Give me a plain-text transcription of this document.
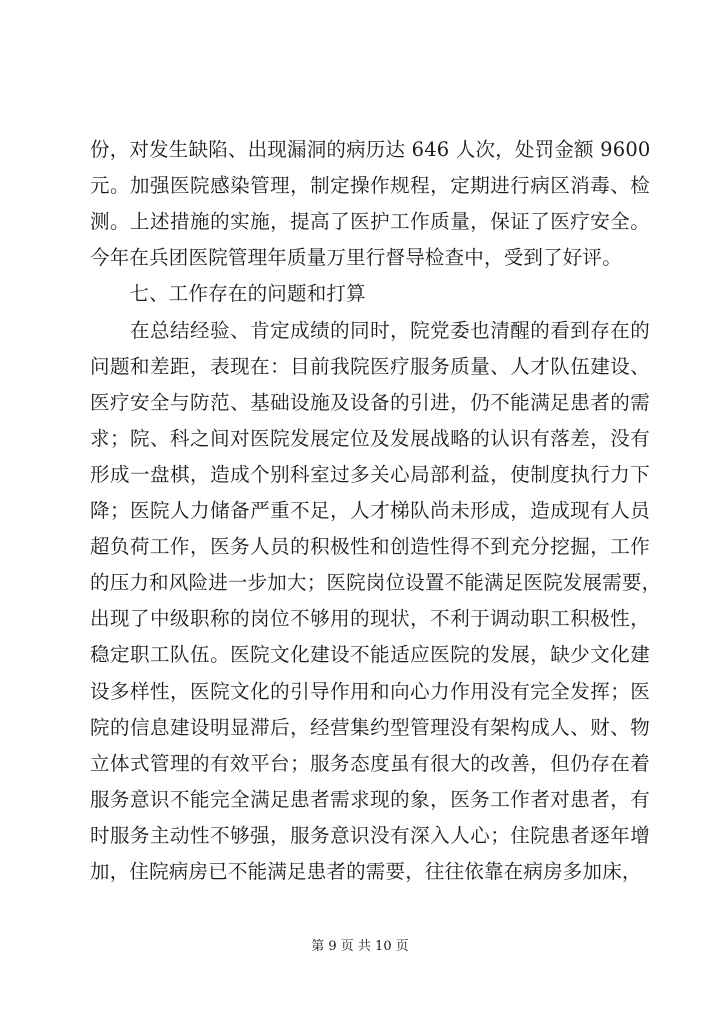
份，对发生缺陷、出现漏洞的病历达 646 人次，处罚金额 9600
元。加强医院感染管理，制定操作规程，定期进行病区消毒、检
测。上述措施的实施，提高了医护工作质量，保证了医疗安全。
今年在兵团医院管理年质量万里行督导检查中，受到了好评。
　　七、工作存在的问题和打算
　　在总结经验、肯定成绩的同时，院党委也清醒的看到存在的
问题和差距，表现在：目前我院医疗服务质量、人才队伍建设、
医疗安全与防范、基础设施及设备的引进，仍不能满足患者的需
求；院、科之间对医院发展定位及发展战略的认识有落差，没有
形成一盘棋，造成个别科室过多关心局部利益，使制度执行力下
降；医院人力储备严重不足，人才梯队尚未形成，造成现有人员
超负荷工作，医务人员的积极性和创造性得不到充分挖掘，工作
的压力和风险进一步加大；医院岗位设置不能满足医院发展需要，
出现了中级职称的岗位不够用的现状，不利于调动职工积极性，
稳定职工队伍。医院文化建设不能适应医院的发展，缺少文化建
设多样性，医院文化的引导作用和向心力作用没有完全发挥；医
院的信息建设明显滞后，经营集约型管理没有架构成人、财、物
立体式管理的有效平台；服务态度虽有很大的改善，但仍存在着
服务意识不能完全满足患者需求现的象，医务工作者对患者，有
时服务主动性不够强，服务意识没有深入人心；住院患者逐年增
加，住院病房已不能满足患者的需要，往往依靠在病房多加床，
第 9 页 共 10 页
